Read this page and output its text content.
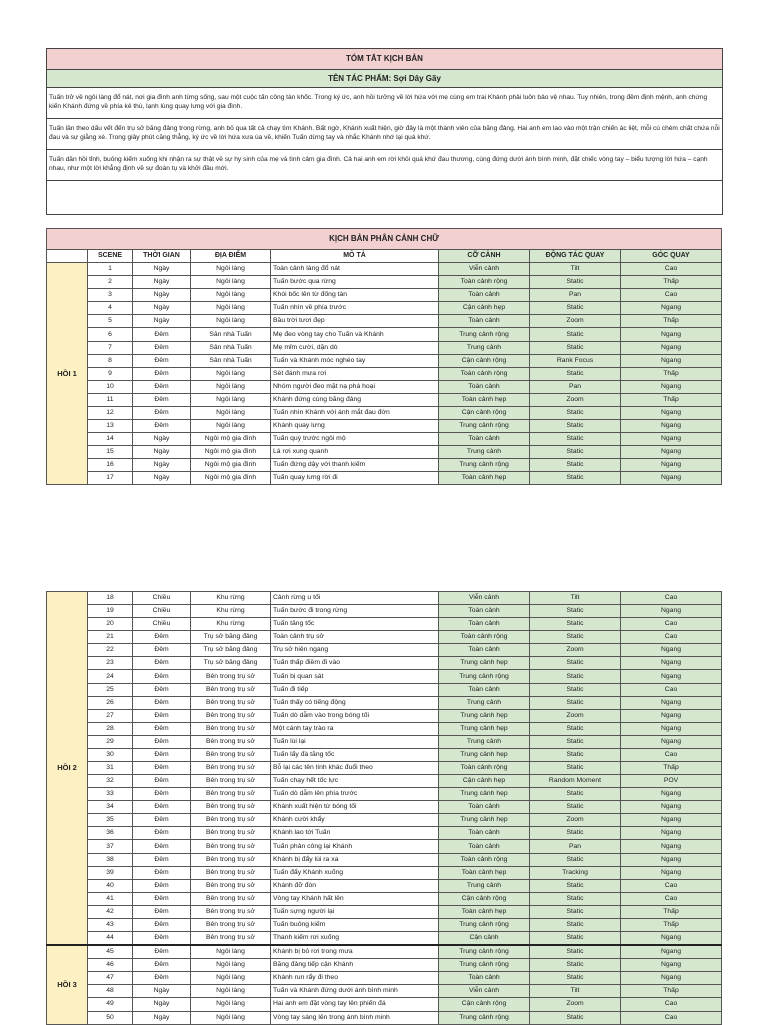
TÓM TẮT KỊCH BẢN
TÊN TÁC PHẨM: Sợi Dây Gãy
Tuấn trở về ngôi làng đổ nát, nơi gia đình anh từng sống, sau một cuộc tấn công tàn khốc. Trong ký ức, anh hồi tưởng về lời hứa với mẹ cùng em trai Khánh phải luôn bảo vệ nhau. Tuy nhiên, trong đêm định mệnh, anh chứng kiến Khánh đứng về phía kẻ thù, lạnh lùng quay lưng với gia đình.
Tuấn lần theo dấu vết đến trụ sở băng đảng trong rừng, anh bỏ qua tất cả chạy tìm Khánh. Bất ngờ, Khánh xuất hiện, giờ đây là một thành viên của băng đảng. Hai anh em lao vào một trận chiến ác liệt, mỗi cú chém chất chứa nỗi đau và sự giằng xé. Trong giây phút căng thẳng, ký ức về lời hứa xưa ùa về, khiến Tuấn dừng tay và nhắc Khánh nhớ lại quá khứ.
Tuấn dần hồi tỉnh, buông kiếm xuống khi nhận ra sự thật về sự hy sinh của mẹ và tình cảm gia đình. Cả hai anh em rời khỏi quá khứ đau thương, cùng đứng dưới ánh bình minh, đặt chiếc vòng tay – biểu tượng lời hứa – cạnh nhau, như một lời khẳng định về sự đoàn tụ và khởi đầu mới.
KỊCH BẢN PHÂN CẢNH CHỮ							
	SCENE	THỜI GIAN	ĐỊA ĐIỂM	MÔ TẢ	CỠ CẢNH	ĐỘNG TÁC QUAY	GÓC QUAY
HỒI 1	1	Ngày	Ngôi làng	Toàn cảnh làng đổ nát	Viễn cảnh	Tilt	Cao
	2	Ngày	Ngôi làng	Tuấn bước qua rừng	Toàn cảnh rộng	Static	Thấp
	3	Ngày	Ngôi làng	Khói bốc lên từ đống tàn	Toàn cảnh	Pan	Cao
	4	Ngày	Ngôi làng	Tuấn nhìn về phía trước	Cận cảnh hẹp	Static	Ngang
	5	Ngày	Ngôi làng	Bầu trời tươi đẹp	Toàn cảnh	Zoom	Thấp
	6	Đêm	Sân nhà Tuấn	Mẹ đeo vòng tay cho Tuấn và Khánh	Trung cảnh rộng	Static	Ngang
	7	Đêm	Sân nhà Tuấn	Mẹ mỉm cười, dặn dò	Trung cảnh	Static	Ngang
	8	Đêm	Sân nhà Tuấn	Tuấn và Khánh móc nghéo tay	Cận cảnh rộng	Rank Focus	Ngang
	9	Đêm	Ngôi làng	Sét đánh mưa rơi	Toàn cảnh rộng	Static	Thấp
	10	Đêm	Ngôi làng	Nhóm người đeo mặt nạ phá hoại	Toàn cảnh	Pan	Ngang
	11	Đêm	Ngôi làng	Khánh đứng cùng băng đảng	Toàn cảnh hẹp	Zoom	Thấp
	12	Đêm	Ngôi làng	Tuấn nhìn Khánh với ánh mắt đau đớn	Cận cảnh rộng	Static	Ngang
	13	Đêm	Ngôi làng	Khánh quay lưng	Trung cảnh rộng	Static	Ngang
	14	Ngày	Ngôi mộ gia đình	Tuấn quỳ trước ngôi mộ	Toàn cảnh	Static	Ngang
	15	Ngày	Ngôi mộ gia đình	Lá rơi xung quanh	Trung cảnh	Static	Ngang
	16	Ngày	Ngôi mộ gia đình	Tuấn đứng dậy với thanh kiếm	Trung cảnh rộng	Static	Ngang
	17	Ngày	Ngôi mộ gia đình	Tuấn quay lưng rời đi	Toàn cảnh hẹp	Static	Ngang
HỒI 2	18	Chiều	Khu rừng	Cảnh rừng u tối	Viễn cảnh	Tilt	Cao
	19	Chiều	Khu rừng	Tuấn bước đi trong rừng	Toàn cảnh	Static	Ngang
	20	Chiều	Khu rừng	Tuấn tăng tốc	Toàn cảnh	Static	Cao
	21	Đêm	Trụ sở băng đảng	Toàn cảnh trụ sở	Toàn cảnh rộng	Static	Cao
	22	Đêm	Trụ sở băng đảng	Trụ sở hiên ngang	Toàn cảnh	Zoom	Ngang
	23	Đêm	Trụ sở băng đảng	Tuấn thấp điềm đi vào	Trung cảnh hẹp	Static	Ngang
	24	Đêm	Bên trong trụ sở	Tuấn bị quan sát	Trung cảnh rộng	Static	Ngang
	25	Đêm	Bên trong trụ sở	Tuấn đi tiếp	Toàn cảnh	Static	Cao
	26	Đêm	Bên trong trụ sở	Tuấn thấy có tiếng động	Trung cảnh	Static	Ngang
	27	Đêm	Bên trong trụ sở	Tuấn dò dẫm vào trong bóng tối	Trung cảnh hẹp	Zoom	Ngang
	28	Đêm	Bên trong trụ sở	Một cánh tay trào ra	Trung cảnh hẹp	Static	Ngang
	29	Đêm	Bên trong trụ sở	Tuấn lùi lại	Trung cảnh	Static	Ngang
	30	Đêm	Bên trong trụ sở	Tuấn lấy đà tăng tốc	Trung cảnh hẹp	Static	Cao
	31	Đêm	Bên trong trụ sở	Bỗ lại các tên lính khác đuổi theo	Toàn cảnh rộng	Static	Thấp
	32	Đêm	Bên trong trụ sở	Tuấn chạy hết tốc lực	Cận cảnh hẹp	Random Moment	POV
	33	Đêm	Bên trong trụ sở	Tuấn dò dẫm lên phía trước	Trung cảnh hẹp	Static	Ngang
	34	Đêm	Bên trong trụ sở	Khánh xuất hiện từ bóng tối	Toàn cảnh	Static	Ngang
	35	Đêm	Bên trong trụ sở	Khánh cười khẩy	Trung cảnh hẹp	Zoom	Ngang
	36	Đêm	Bên trong trụ sở	Khánh lao tới Tuấn	Toàn cảnh	Static	Ngang
	37	Đêm	Bên trong trụ sở	Tuấn phản công lại Khánh	Toàn cảnh	Pan	Ngang
	38	Đêm	Bên trong trụ sở	Khánh bị đẩy lùi ra xa	Toàn cảnh rộng	Static	Ngang
	39	Đêm	Bên trong trụ sở	Tuấn đẩy Khánh xuống	Toàn cảnh hẹp	Tracking	Ngang
	40	Đêm	Bên trong trụ sở	Khánh đỡ đòn	Trung cảnh	Static	Cao
	41	Đêm	Bên trong trụ sở	Vòng tay Khánh hất lên	Cận cảnh rộng	Static	Cao
	42	Đêm	Bên trong trụ sở	Tuấn sựng người lại	Toàn cảnh hẹp	Static	Thấp
	43	Đêm	Bên trong trụ sở	Tuấn buông kiếm	Trung cảnh rộng	Static	Thấp
	44	Đêm	Bên trong trụ sở	Thanh kiếm rơi xuống	Cận cảnh	Static	Ngang
HỒI 3	45	Đêm	Ngôi làng	Khánh bị bỏ rơi trong mưa	Trung cảnh rộng	Static	Ngang
	46	Đêm	Ngôi làng	Băng đảng tiếp cận Khánh	Trung cảnh rộng	Static	Ngang
	47	Đêm	Ngôi làng	Khánh run rẩy đi theo	Toàn cảnh	Static	Ngang
	48	Ngày	Ngôi làng	Tuấn và Khánh đứng dưới ánh bình minh	Viễn cảnh	Tilt	Thấp
	49	Ngày	Ngôi làng	Hai anh em đặt vòng tay lên phiến đá	Cận cảnh rộng	Zoom	Cao
	50	Ngày	Ngôi làng	Vòng tay sáng lên trong ánh bình minh	Trung cảnh rộng	Static	Cao
